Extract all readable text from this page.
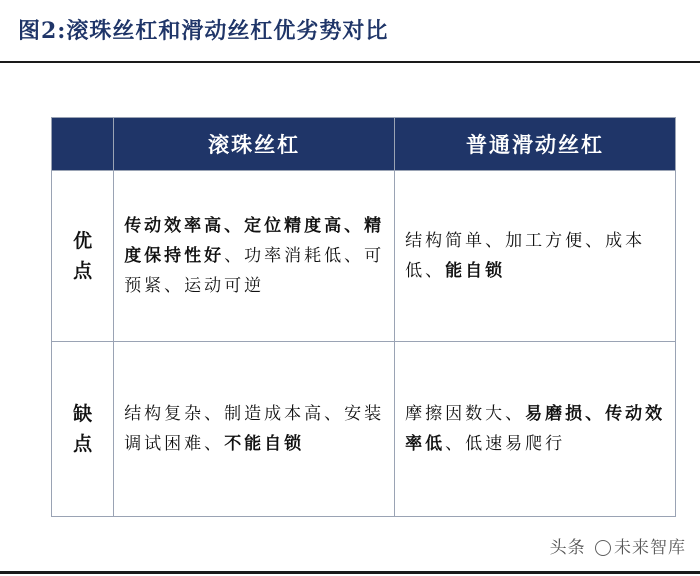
图2:滚珠丝杠和滑动丝杠优劣势对比
	滚珠丝杠	普通滑动丝杠

优
点	传动效率高、定位精度高、精度保持性好、功率消耗低、可预紧、运动可逆	结构简单、加工方便、成本低、能自锁

缺
点	结构复杂、制造成本高、安装调试困难、不能自锁	摩擦因数大、易磨损、传动效率低、低速易爬行
头条 未来智库
